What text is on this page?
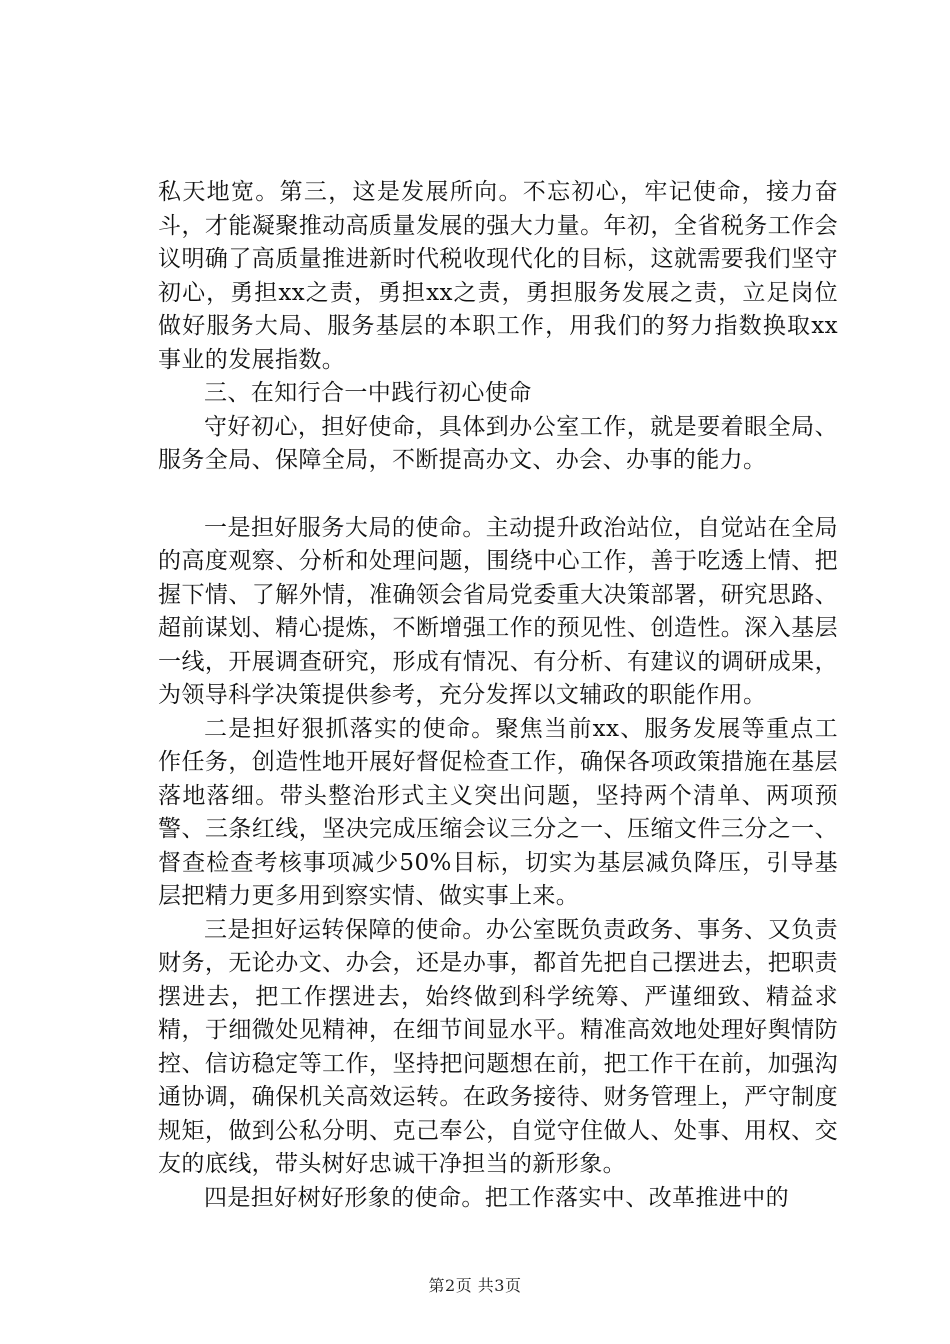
私天地宽。第三，这是发展所向。不忘初心，牢记使命，接力奋斗，才能凝聚推动高质量发展的强大力量。年初，全省税务工作会议明确了高质量推进新时代税收现代化的目标，这就需要我们坚守初心，勇担xx之责，勇担xx之责，勇担服务发展之责，立足岗位做好服务大局、服务基层的本职工作，用我们的努力指数换取xx事业的发展指数。

三、在知行合一中践行初心使命

守好初心，担好使命，具体到办公室工作，就是要着眼全局、服务全局、保障全局，不断提高办文、办会、办事的能力。

一是担好服务大局的使命。主动提升政治站位，自觉站在全局的高度观察、分析和处理问题，围绕中心工作，善于吃透上情、把握下情、了解外情，准确领会省局党委重大决策部署，研究思路、超前谋划、精心提炼，不断增强工作的预见性、创造性。深入基层一线，开展调查研究，形成有情况、有分析、有建议的调研成果，为领导科学决策提供参考，充分发挥以文辅政的职能作用。

二是担好狠抓落实的使命。聚焦当前xx、服务发展等重点工作任务，创造性地开展好督促检查工作，确保各项政策措施在基层落地落细。带头整治形式主义突出问题，坚持两个清单、两项预警、三条红线，坚决完成压缩会议三分之一、压缩文件三分之一、督查检查考核事项减少50%目标，切实为基层减负降压，引导基层把精力更多用到察实情、做实事上来。

三是担好运转保障的使命。办公室既负责政务、事务、又负责财务，无论办文、办会，还是办事，都首先把自己摆进去，把职责摆进去，把工作摆进去，始终做到科学统筹、严谨细致、精益求精，于细微处见精神，在细节间显水平。精准高效地处理好舆情防控、信访稳定等工作，坚持把问题想在前，把工作干在前，加强沟通协调，确保机关高效运转。在政务接待、财务管理上，严守制度规矩，做到公私分明、克己奉公，自觉守住做人、处事、用权、交友的底线，带头树好忠诚干净担当的新形象。

四是担好树好形象的使命。把工作落实中、改革推进中的

第2页 共3页
